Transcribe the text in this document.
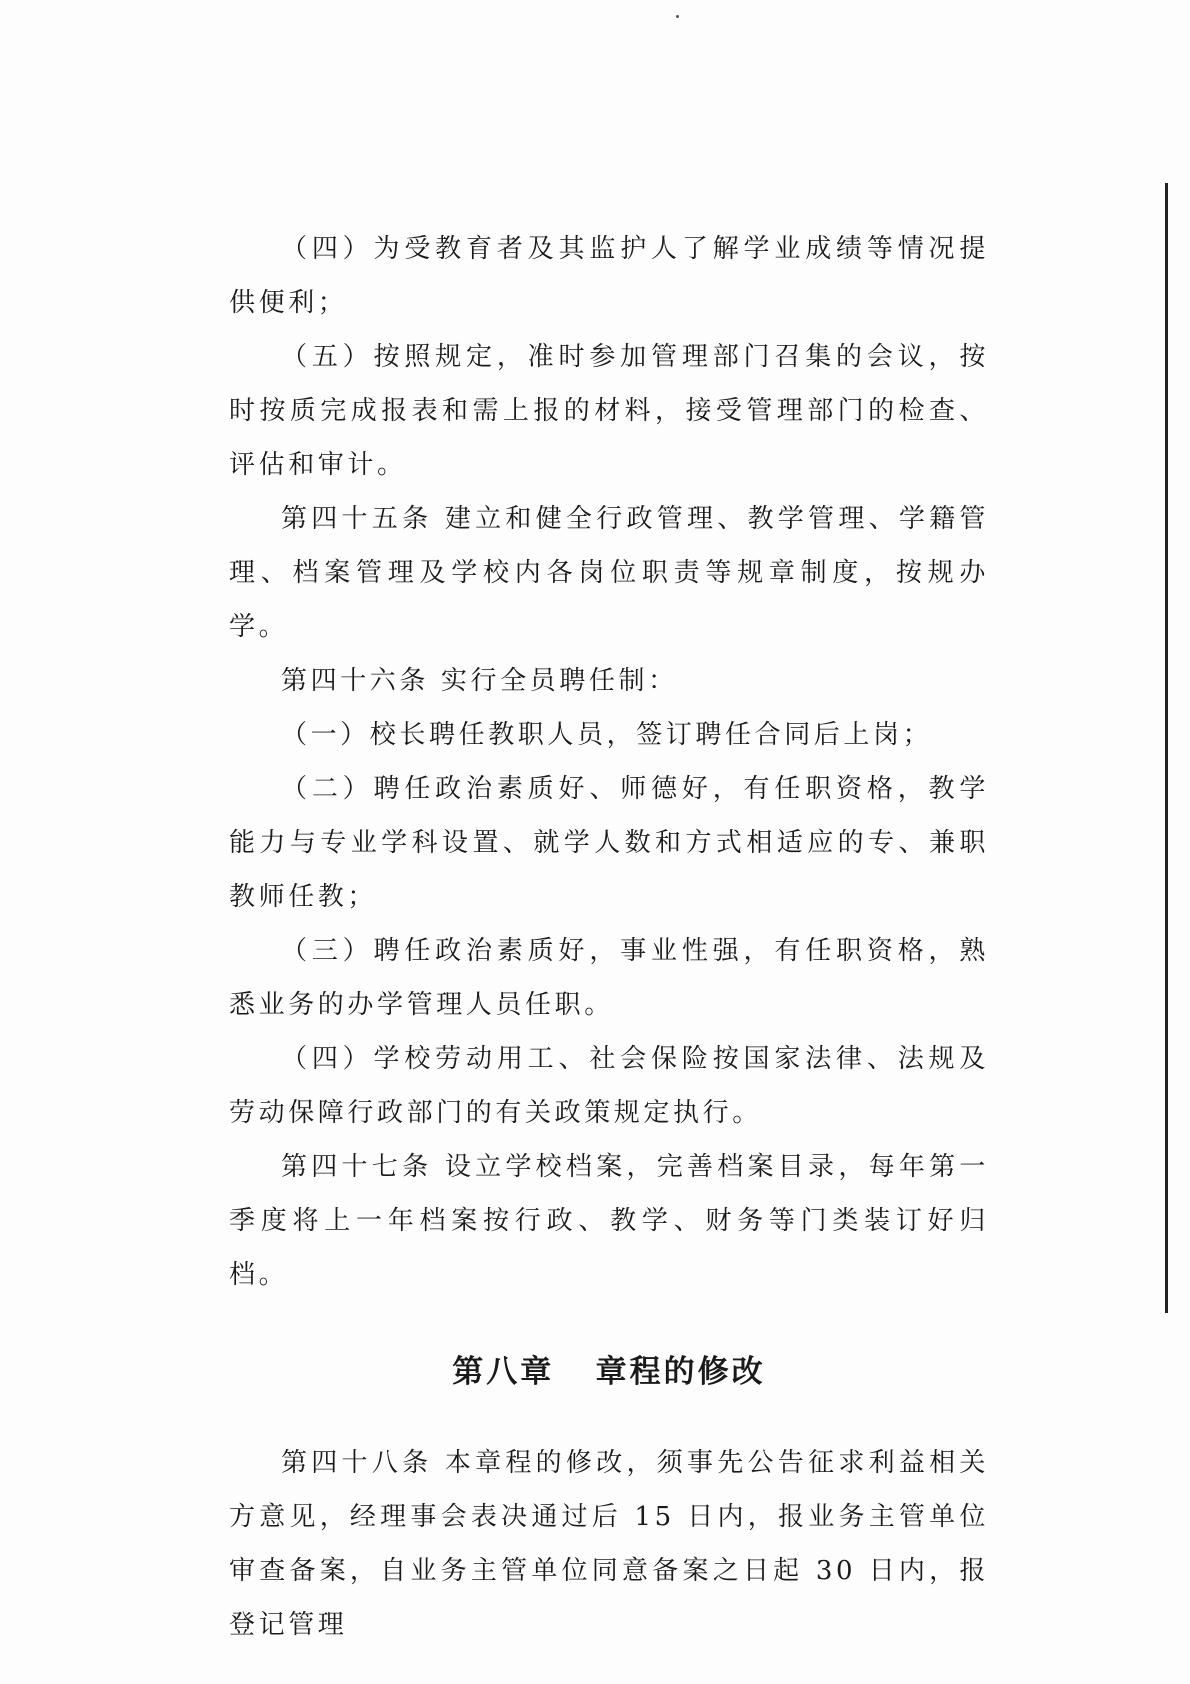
（四）为受教育者及其监护人了解学业成绩等情况提供便利；

（五）按照规定，准时参加管理部门召集的会议，按时按质完成报表和需上报的材料，接受管理部门的检查、评估和审计。

第四十五条 建立和健全行政管理、教学管理、学籍管理、档案管理及学校内各岗位职责等规章制度，按规办学。

第四十六条 实行全员聘任制：

（一）校长聘任教职人员，签订聘任合同后上岗；

（二）聘任政治素质好、师德好，有任职资格，教学能力与专业学科设置、就学人数和方式相适应的专、兼职教师任教；

（三）聘任政治素质好，事业性强，有任职资格，熟悉业务的办学管理人员任职。

（四）学校劳动用工、社会保险按国家法律、法规及劳动保障行政部门的有关政策规定执行。

第四十七条 设立学校档案，完善档案目录，每年第一季度将上一年档案按行政、教学、财务等门类装订好归档。

第八章   章程的修改

第四十八条 本章程的修改，须事先公告征求利益相关方意见，经理事会表决通过后 15 日内，报业务主管单位审查备案，自业务主管单位同意备案之日起 30 日内，报登记管理
